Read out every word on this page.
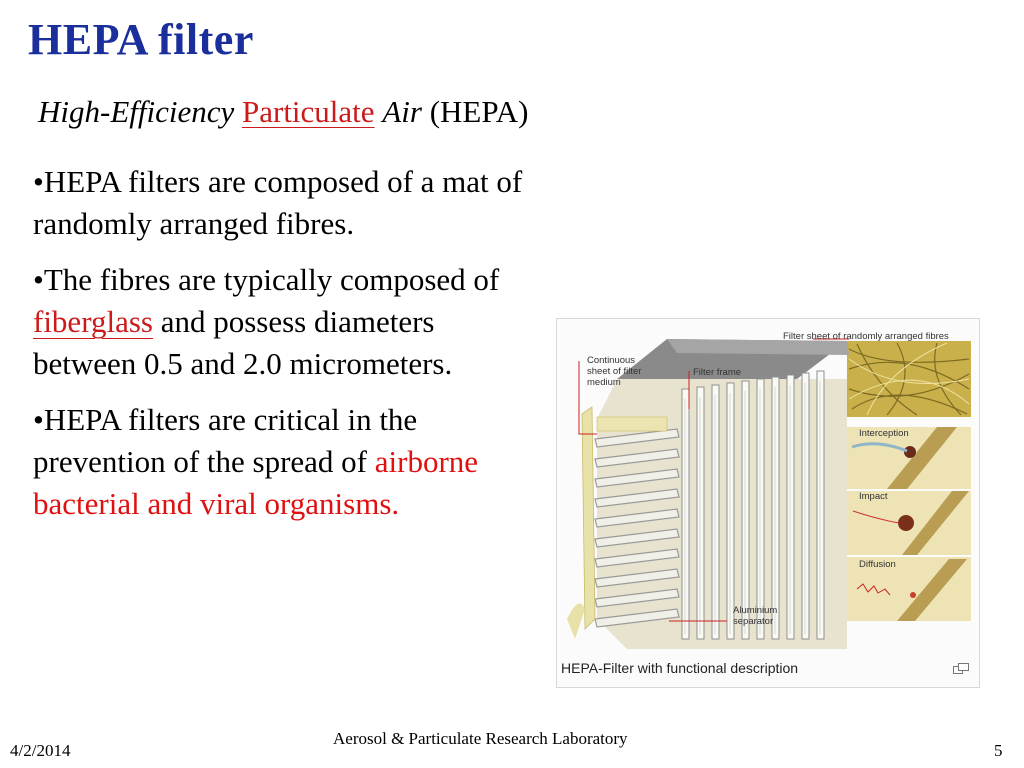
HEPA filter
High-Efficiency Particulate Air (HEPA)

•HEPA filters are composed of a mat of randomly arranged fibres.

•The fibres are typically composed of fiberglass and possess diameters between 0.5 and 2.0 micrometers.

•HEPA filters are critical in the prevention of the spread of airborne bacterial and viral organisms.

Continuous
sheet of filter
medium
Filter frame
Filter sheet of randomly arranged fibres
Interception
Impact
Diffusion
Aluminium
separator
HEPA-Filter with functional description
4/2/2014
Aerosol & Particulate Research Laboratory
5
